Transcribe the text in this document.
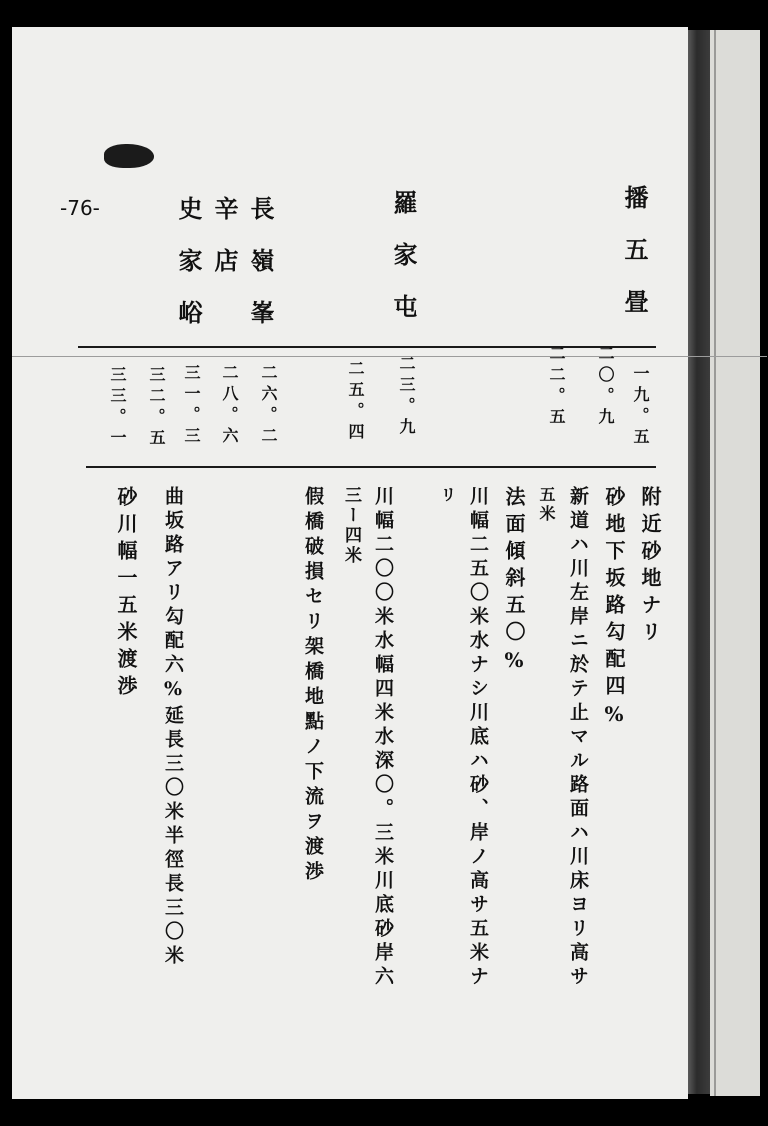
-76-	播五畳
羅家屯
長嶺峯
辛店
史家峪
一九。五
二〇。九
二二。五
二三。九
二五。四
二六。二
二八。六
三一。三
三二。五
三三。一
附近砂地ナリ
砂地下坂路勾配四%
新道ハ川左岸ニ於テ止マル路面ハ川床ヨリ高サ
五米
法面傾斜五〇%
川幅二五〇米水ナシ川底ハ砂、岸ノ高サ五米ナ
リ
川幅二〇〇米水幅四米水深〇。三米川底砂岸六
三ー四米
假橋破損セリ架橋地點ノ下流ヲ渡渉
曲坂路アリ勾配六%延長三〇米半徑長三〇米
砂川幅一五米渡渉
